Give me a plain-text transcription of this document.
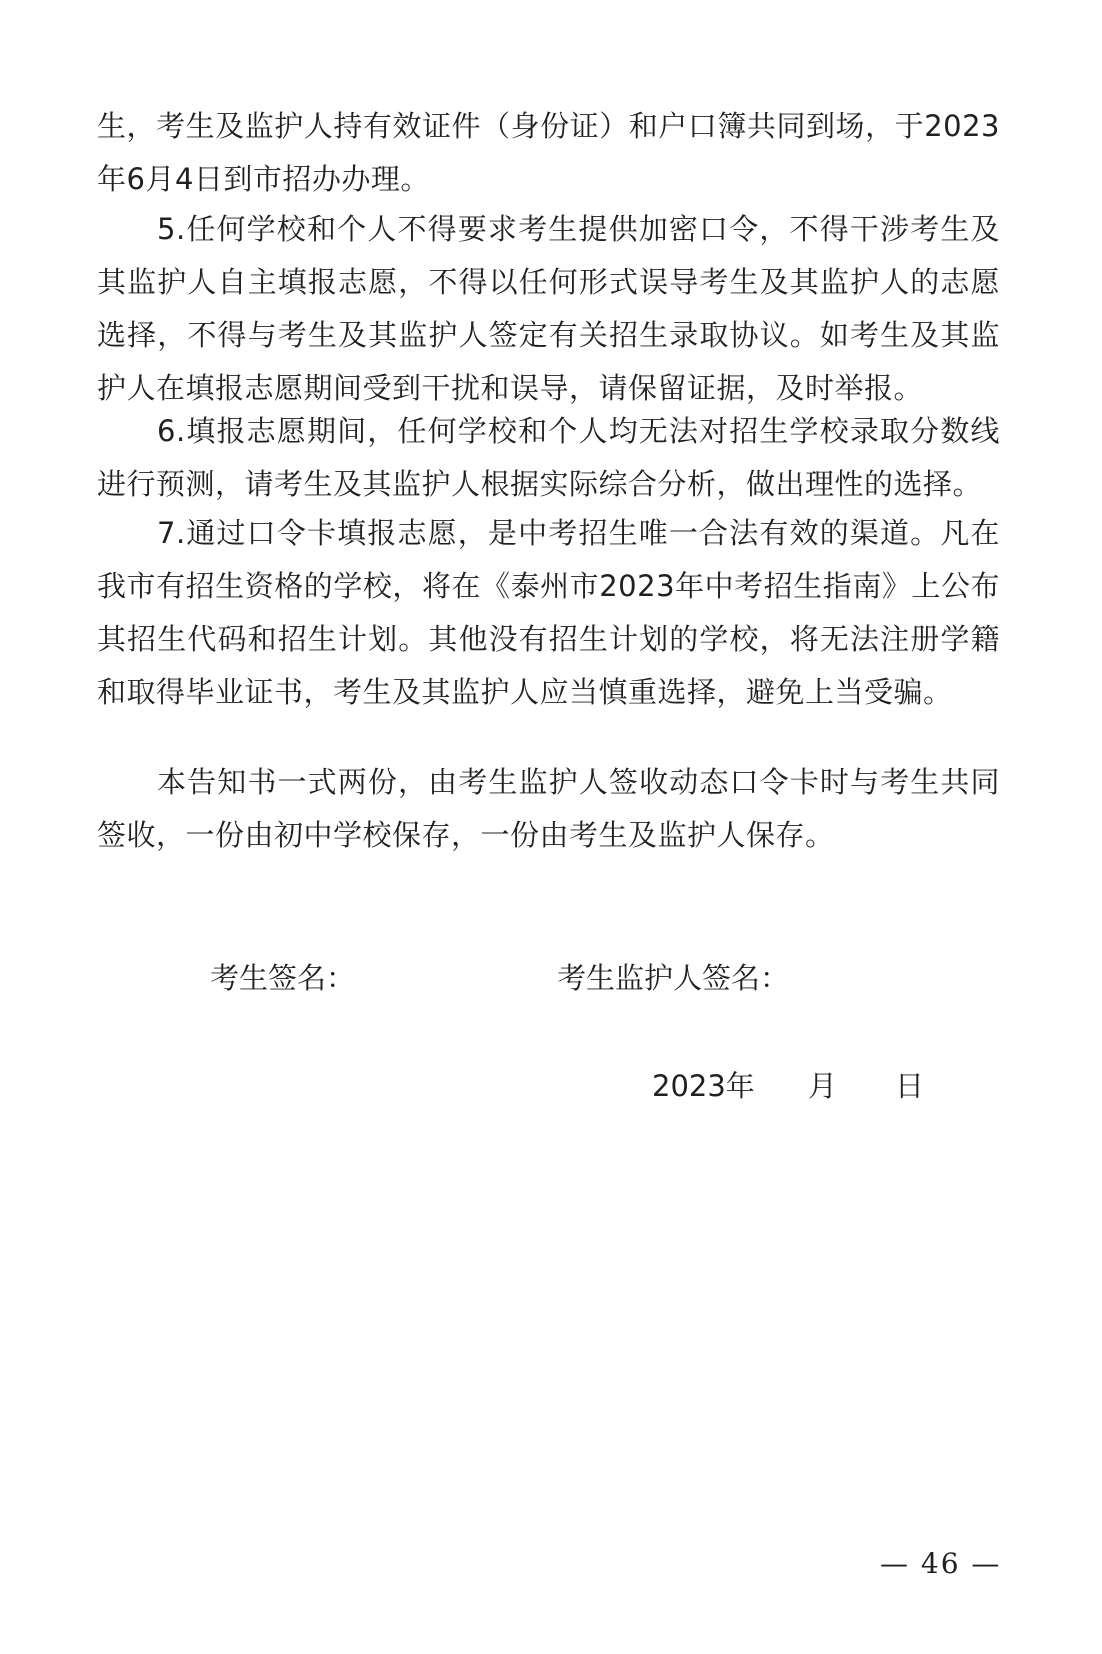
生，考生及监护人持有效证件（身份证）和户口簿共同到场，于2023年6月4日到市招办办理。

5.任何学校和个人不得要求考生提供加密口令，不得干涉考生及其监护人自主填报志愿，不得以任何形式误导考生及其监护人的志愿选择，不得与考生及其监护人签定有关招生录取协议。如考生及其监护人在填报志愿期间受到干扰和误导，请保留证据，及时举报。

6.填报志愿期间，任何学校和个人均无法对招生学校录取分数线进行预测，请考生及其监护人根据实际综合分析，做出理性的选择。

7.通过口令卡填报志愿，是中考招生唯一合法有效的渠道。凡在我市有招生资格的学校，将在《泰州市2023年中考招生指南》上公布其招生代码和招生计划。其他没有招生计划的学校，将无法注册学籍和取得毕业证书，考生及其监护人应当慎重选择，避免上当受骗。

本告知书一式两份，由考生监护人签收动态口令卡时与考生共同签收，一份由初中学校保存，一份由考生及监护人保存。

考生签名：	考生监护人签名：

2023年 月 日

— 46 —
